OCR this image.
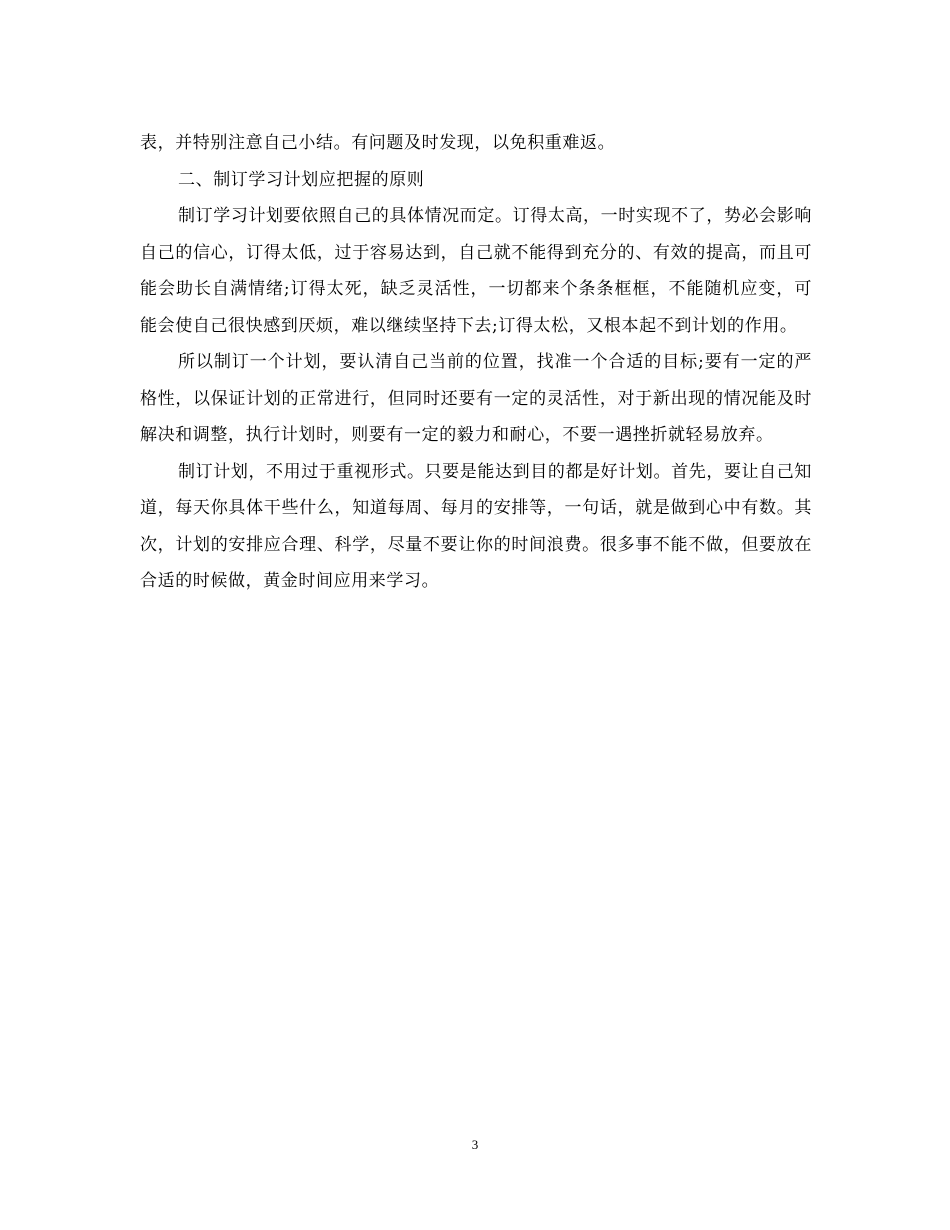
表，并特别注意自己小结。有问题及时发现，以免积重难返。

二、制订学习计划应把握的原则

制订学习计划要依照自己的具体情况而定。订得太高，一时实现不了，势必会影响自己的信心，订得太低，过于容易达到，自己就不能得到充分的、有效的提高，而且可能会助长自满情绪;订得太死，缺乏灵活性，一切都来个条条框框，不能随机应变，可能会使自己很快感到厌烦，难以继续坚持下去;订得太松，又根本起不到计划的作用。

所以制订一个计划，要认清自己当前的位置，找准一个合适的目标;要有一定的严格性，以保证计划的正常进行，但同时还要有一定的灵活性，对于新出现的情况能及时解决和调整，执行计划时，则要有一定的毅力和耐心，不要一遇挫折就轻易放弃。

制订计划，不用过于重视形式。只要是能达到目的都是好计划。首先，要让自己知道，每天你具体干些什么，知道每周、每月的安排等，一句话，就是做到心中有数。其次，计划的安排应合理、科学，尽量不要让你的时间浪费。很多事不能不做，但要放在合适的时候做，黄金时间应用来学习。

3
